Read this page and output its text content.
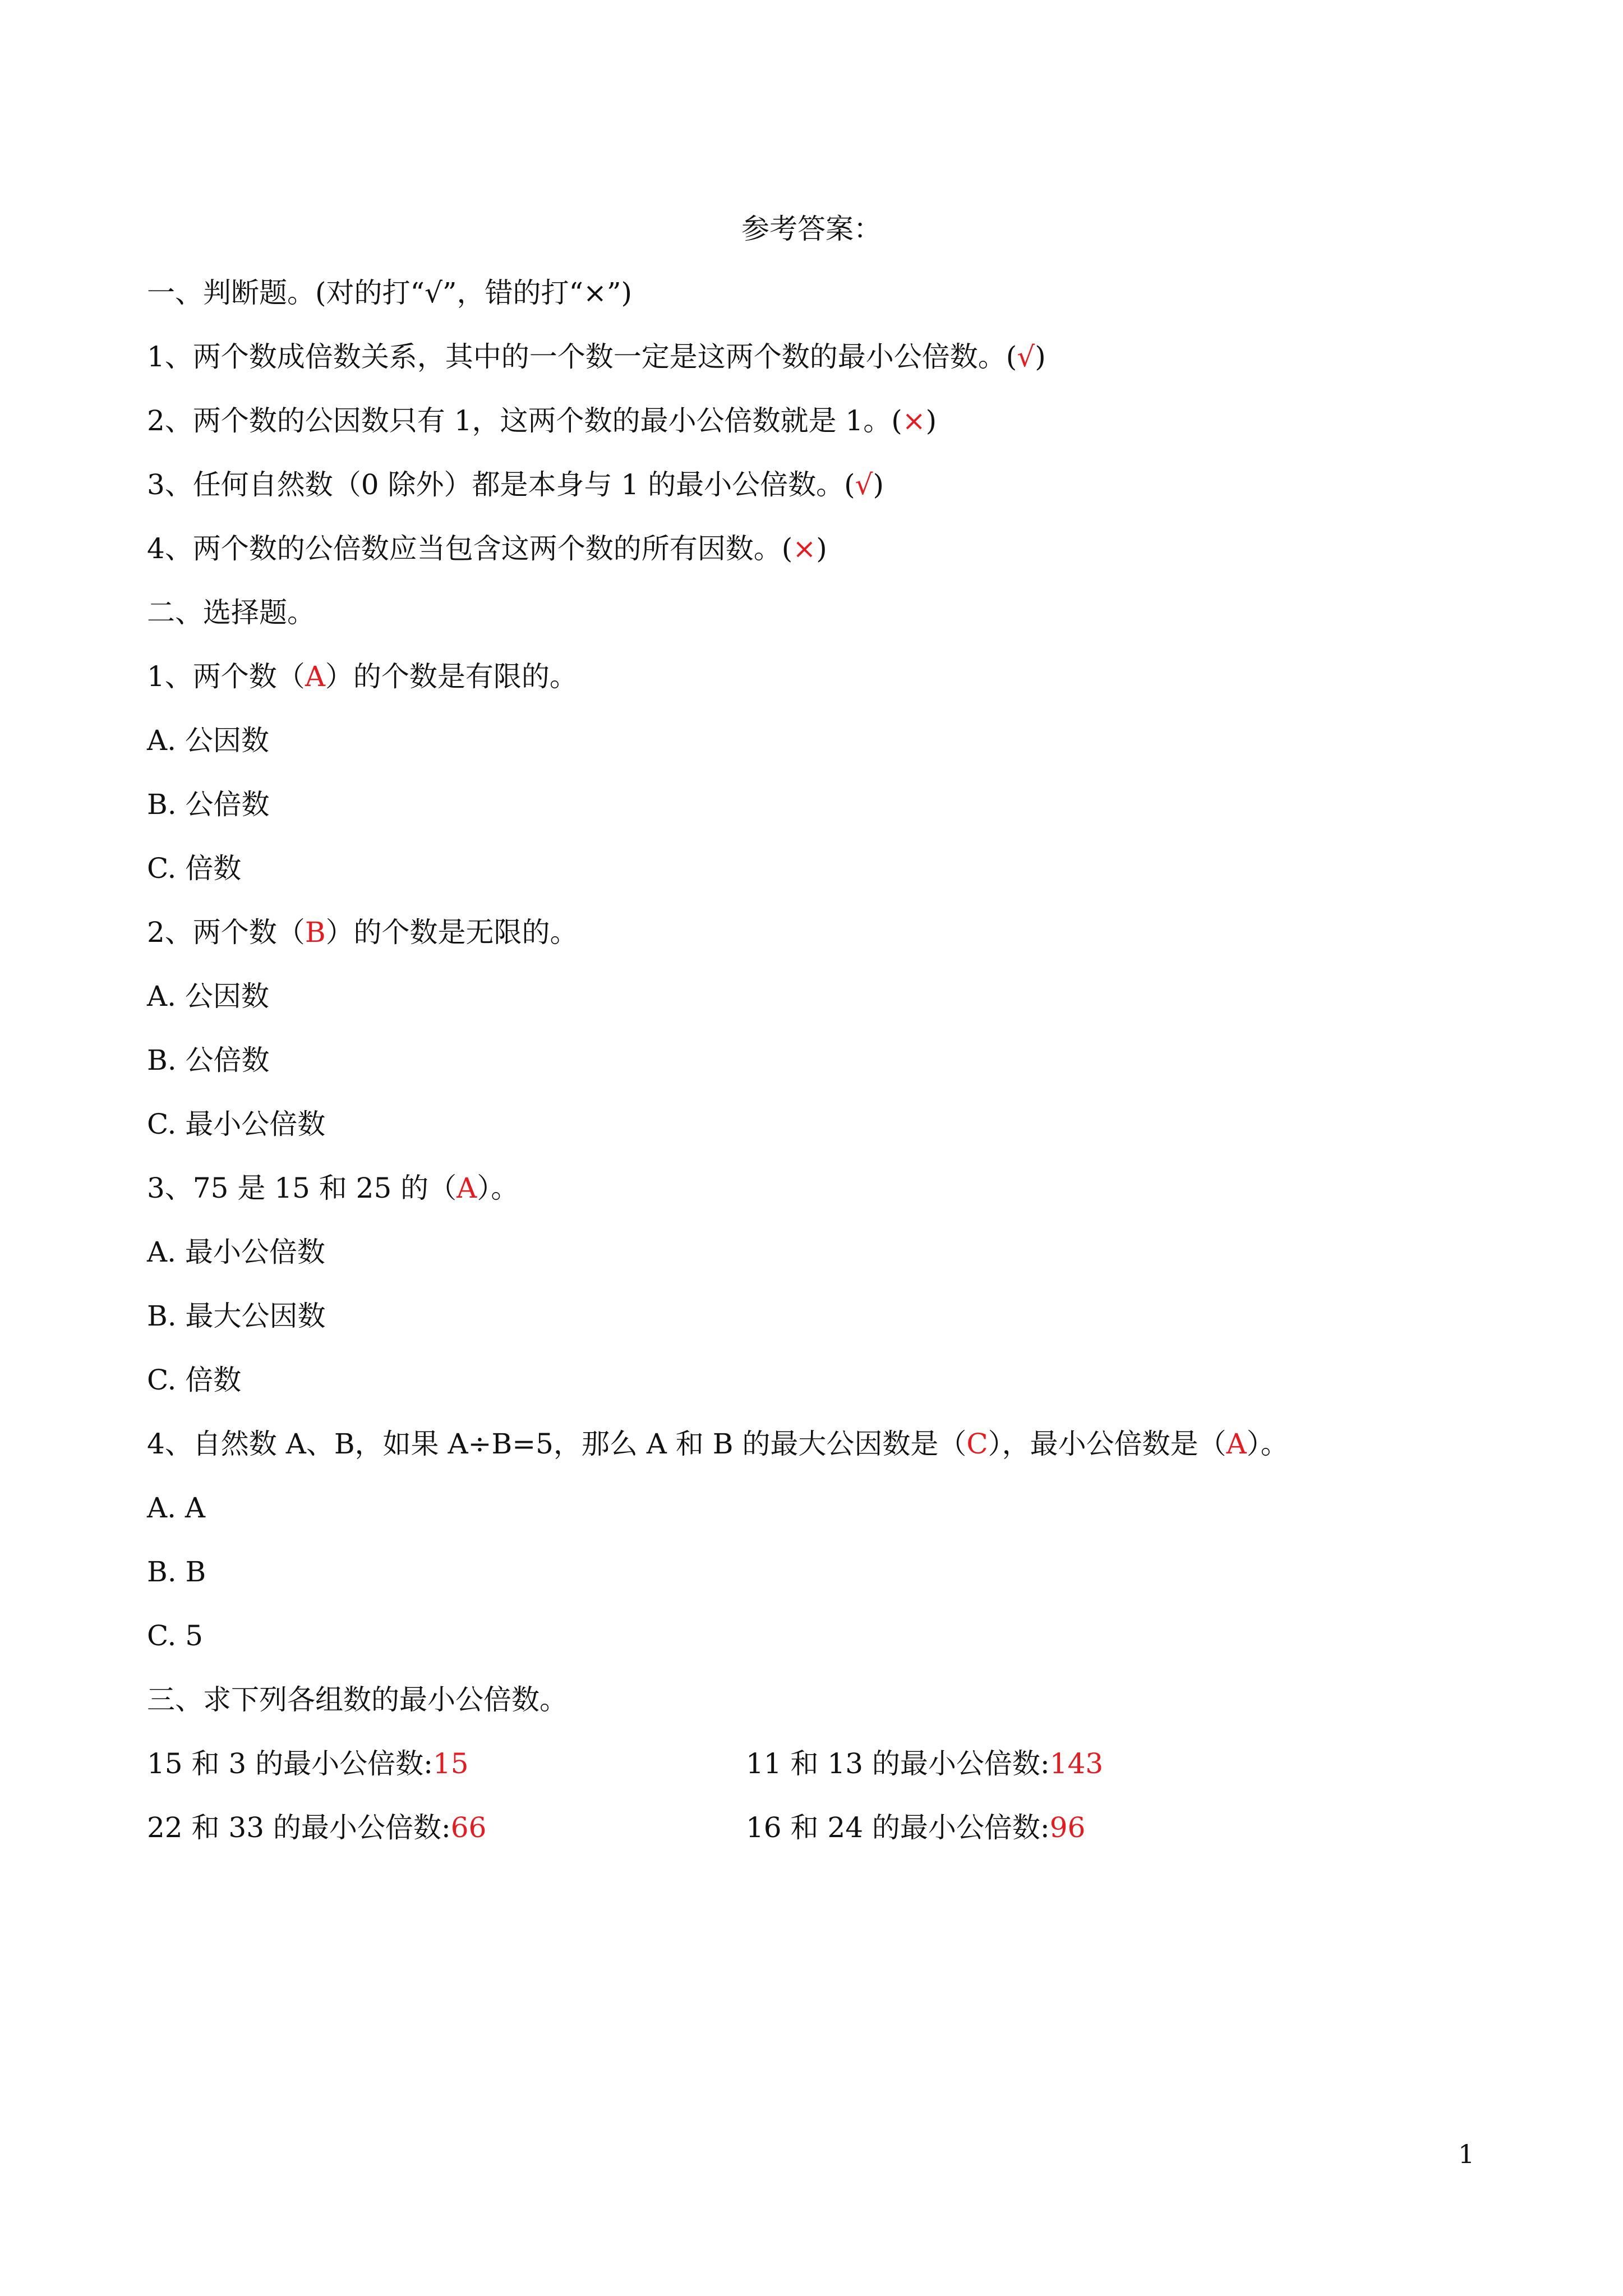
参考答案：
一、判断题。(对的打“√”，错的打“×”)
1、两个数成倍数关系，其中的一个数一定是这两个数的最小公倍数。(√)
2、两个数的公因数只有 1，这两个数的最小公倍数就是 1。(×)
3、任何自然数（0 除外）都是本身与 1 的最小公倍数。(√)
4、两个数的公倍数应当包含这两个数的所有因数。(×)
二、选择题。
1、两个数（A）的个数是有限的。
A. 公因数
B. 公倍数
C. 倍数
2、两个数（B）的个数是无限的。
A. 公因数
B. 公倍数
C. 最小公倍数
3、75 是 15 和 25 的（A）。
A. 最小公倍数
B. 最大公因数
C. 倍数
4、自然数 A、B，如果 A÷B=5，那么 A 和 B 的最大公因数是（C），最小公倍数是（A）。
A. A
B. B
C. 5
三、求下列各组数的最小公倍数。
15 和 3 的最小公倍数:15	11 和 13 的最小公倍数:143
22 和 33 的最小公倍数:66	16 和 24 的最小公倍数:96
1
